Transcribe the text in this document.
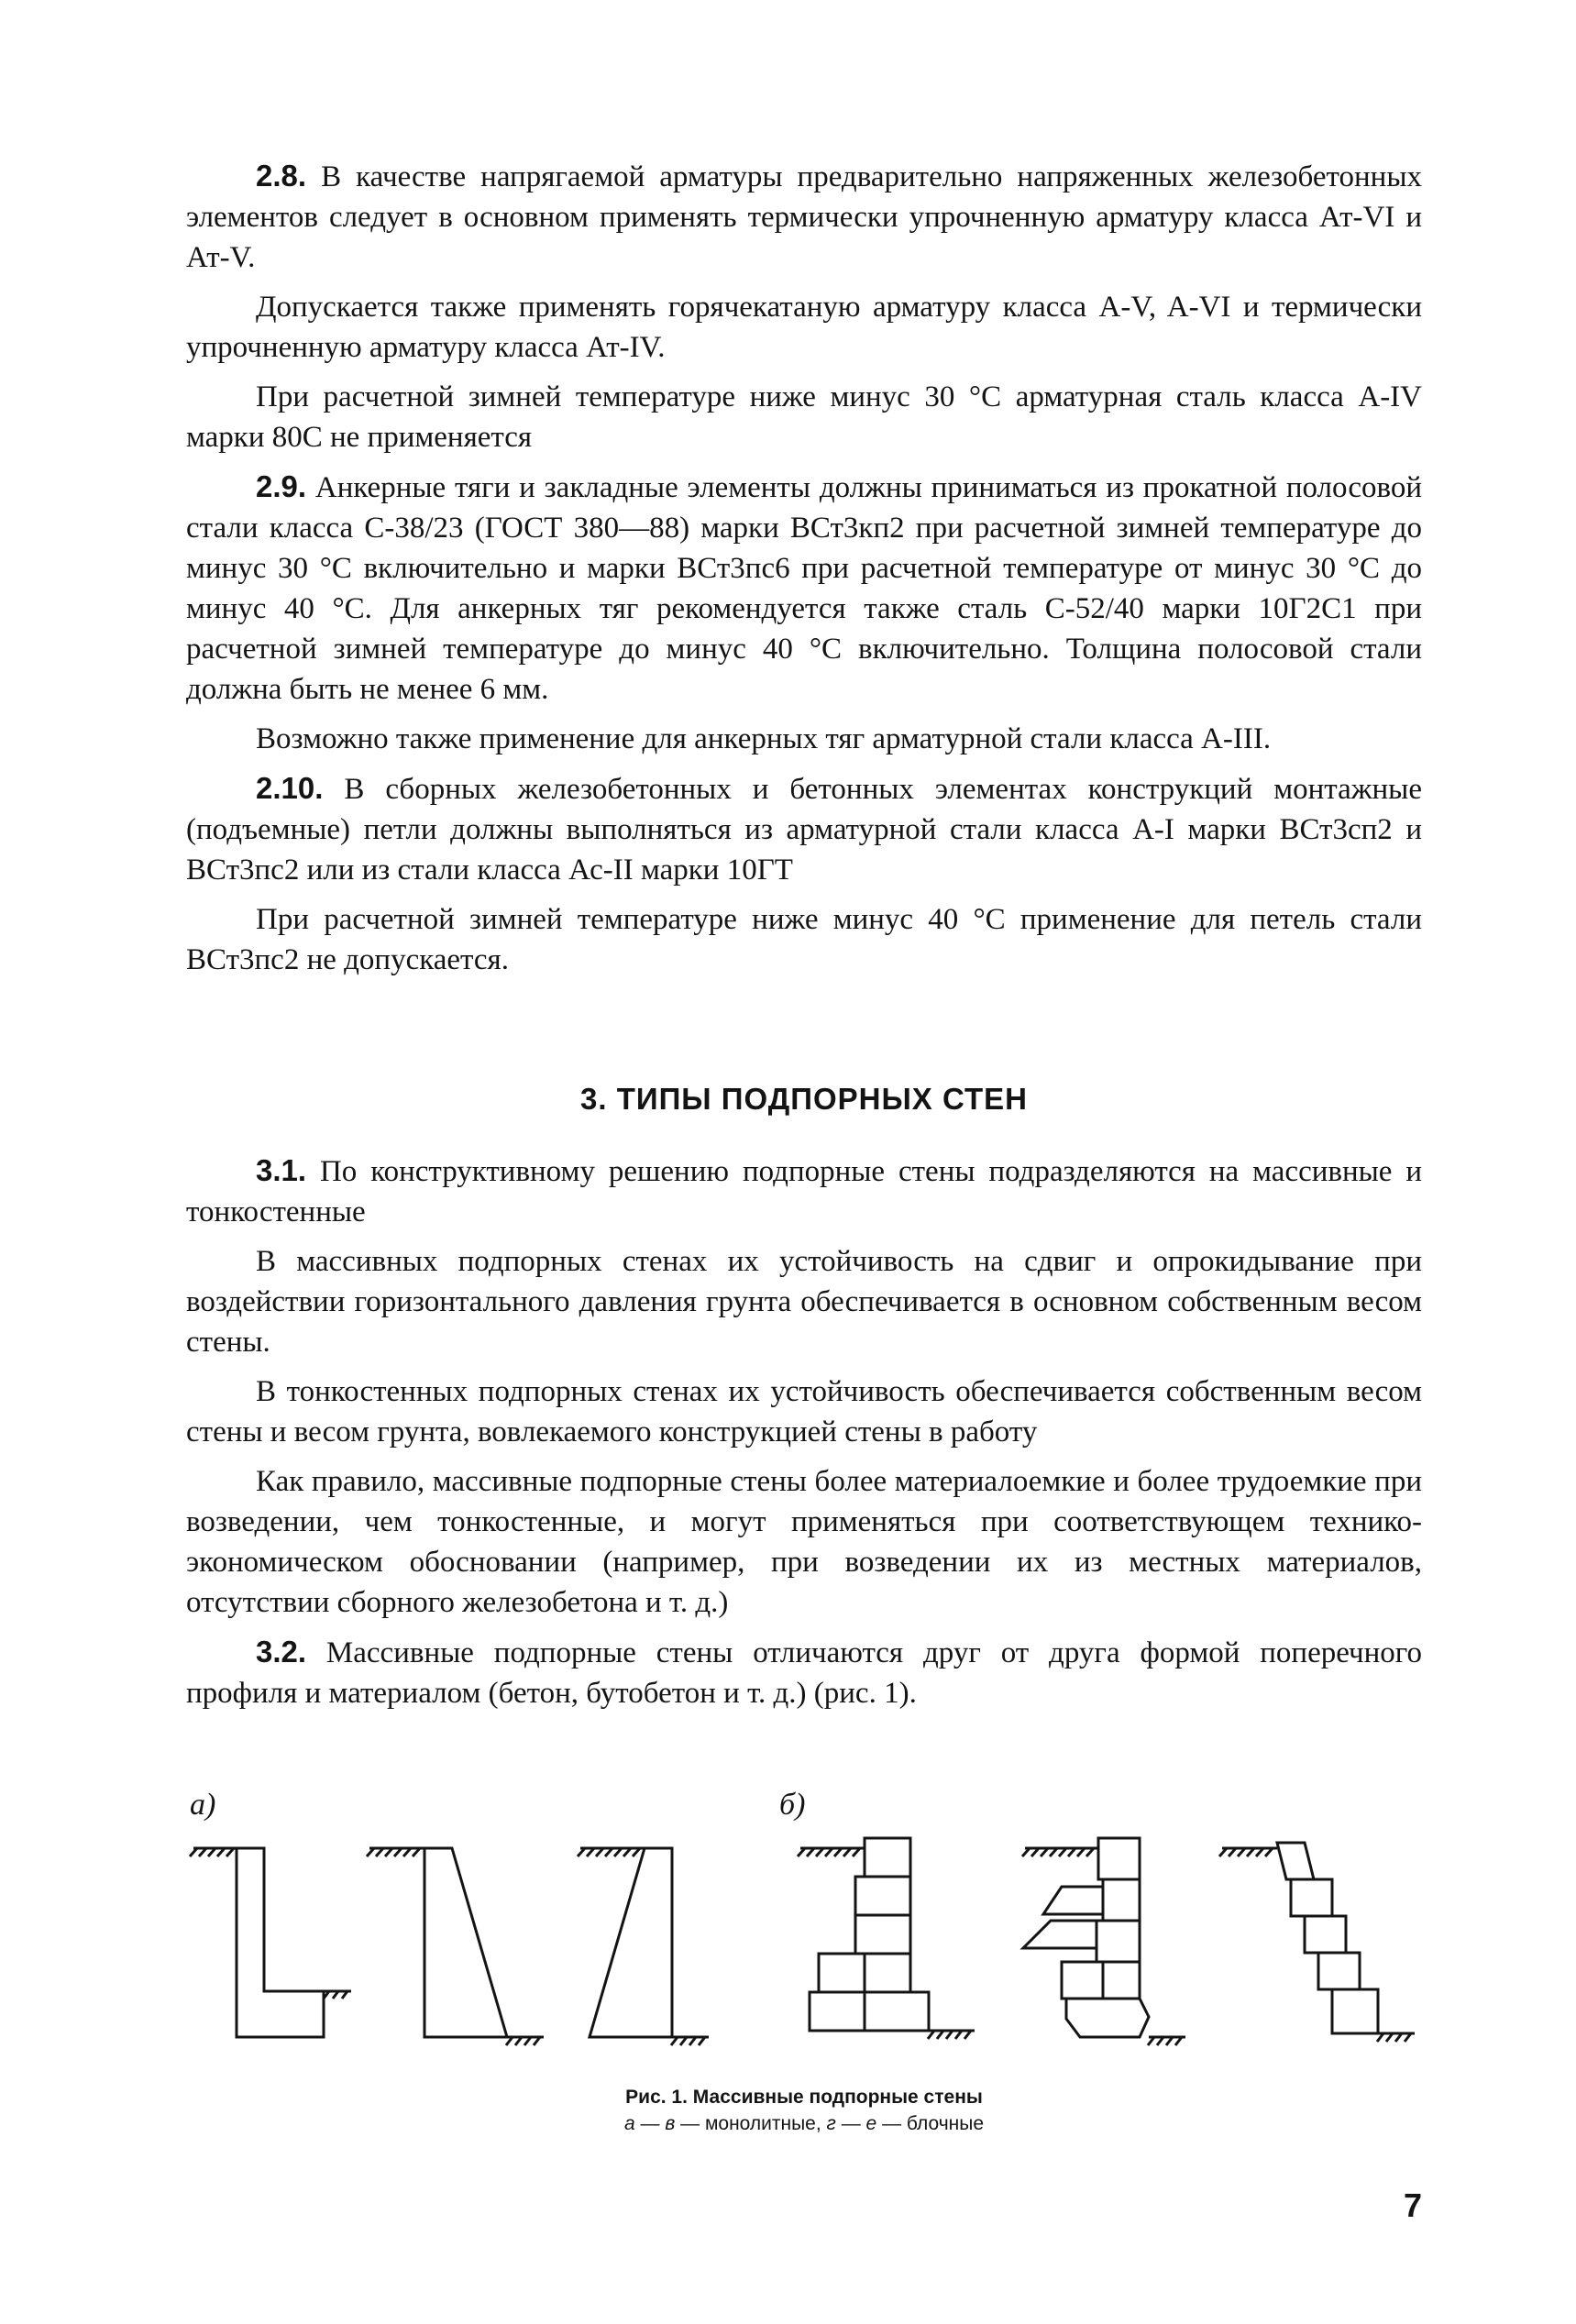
2.8. В качестве напрягаемой арматуры предварительно напряженных железобетонных элементов следует в основном применять термически упрочненную арматуру класса Ат-VI и Ат-V.

Допускается также применять горячекатаную арматуру класса A-V, A-VI и термически упрочненную арматуру класса Ат-IV.

При расчетной зимней температуре ниже минус 30 °С арматурная сталь класса A-IV марки 80С не применяется

2.9. Анкерные тяги и закладные элементы должны приниматься из прокатной полосовой стали класса С-38/23 (ГОСТ 380—88) марки ВСт3кп2 при расчетной зимней температуре до минус 30 °С включительно и марки ВСт3пс6 при расчетной температуре от минус 30 °С до минус 40 °С. Для анкерных тяг рекомендуется также сталь С-52/40 марки 10Г2С1 при расчетной зимней температуре до минус 40 °С включительно. Толщина полосовой стали должна быть не менее 6 мм.

Возможно также применение для анкерных тяг арматурной стали класса A-III.

2.10. В сборных железобетонных и бетонных элементах конструкций монтажные (подъемные) петли должны выполняться из арматурной стали класса A-I марки ВСт3сп2 и ВСт3пс2 или из стали класса Ас-II марки 10ГТ

При расчетной зимней температуре ниже минус 40 °С применение для петель стали ВСт3пс2 не допускается.

3. ТИПЫ ПОДПОРНЫХ СТЕН

3.1. По конструктивному решению подпорные стены подразделяются на массивные и тонкостенные

В массивных подпорных стенах их устойчивость на сдвиг и опрокидывание при воздействии горизонтального давления грунта обеспечивается в основном собственным весом стены.

В тонкостенных подпорных стенах их устойчивость обеспечивается собственным весом стены и весом грунта, вовлекаемого конструкцией стены в работу

Как правило, массивные подпорные стены более материалоемкие и более трудоемкие при возведении, чем тонкостенные, и могут применяться при соответствующем технико-экономическом обосновании (например, при возведении их из местных материалов, отсутствии сборного железобетона и т. д.)

3.2. Массивные подпорные стены отличаются друг от друга формой поперечного профиля и материалом (бетон, бутобетон и т. д.) (рис. 1).

а)	б)
Рис. 1. Массивные подпорные стены
а — в — монолитные, г — е — блочные
7
